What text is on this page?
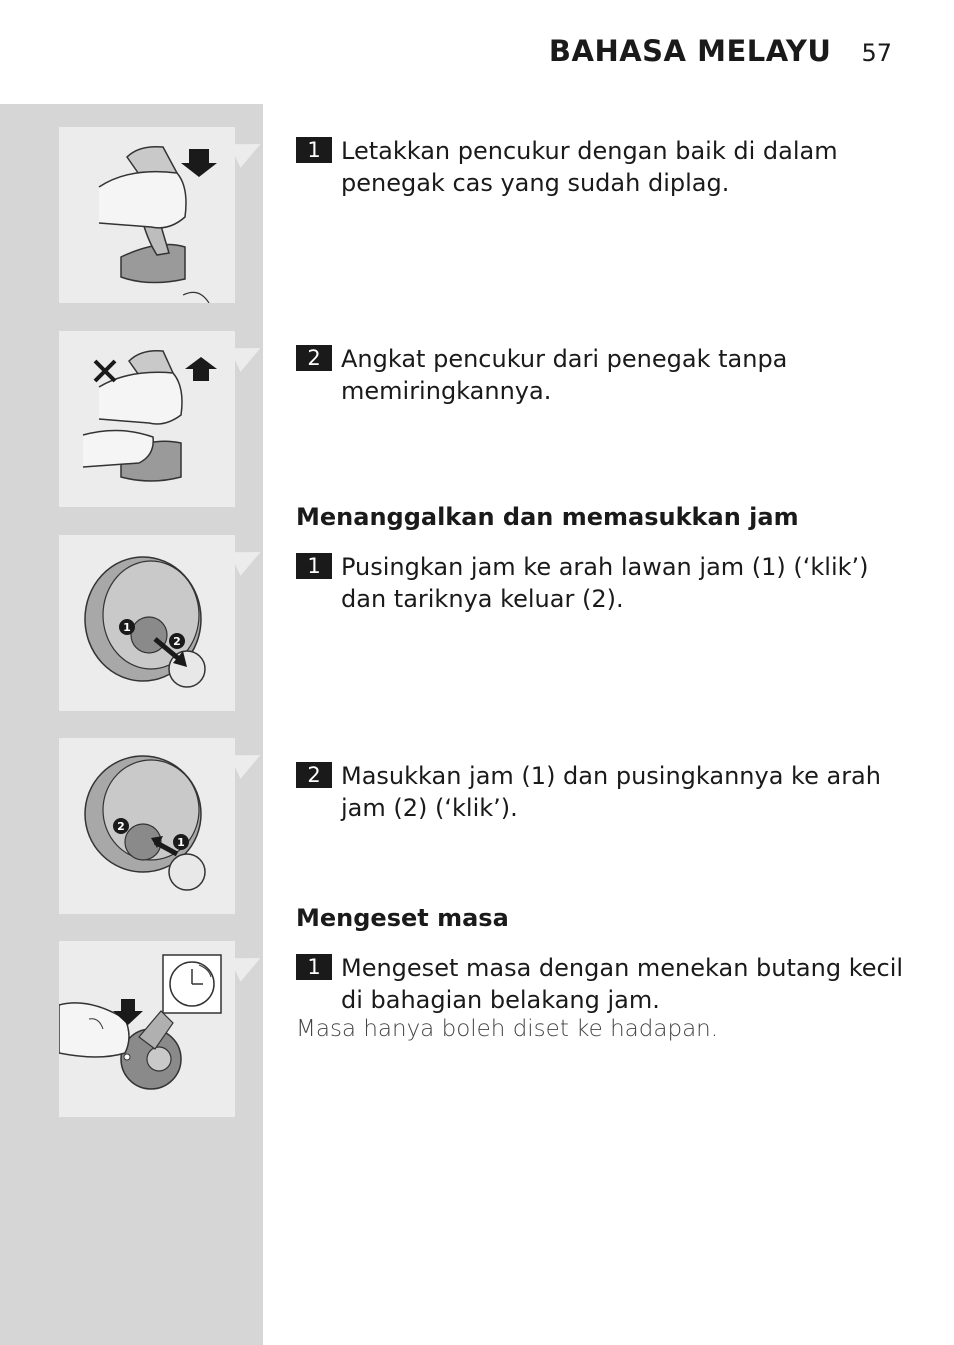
BAHASA MELAYU 57
1
2
2
1
1 Letakkan pencukur dengan baik di dalam penegak cas yang sudah diplag.
2 Angkat pencukur dari penegak tanpa memiringkannya.
Menanggalkan dan memasukkan jam
1 Pusingkan jam ke arah lawan jam (1) (‘klik’) dan tariknya keluar (2).
2 Masukkan jam (1) dan pusingkannya ke arah jam (2) (‘klik’).
Mengeset masa
1 Mengeset masa dengan menekan butang kecil di bahagian belakang jam.
Masa hanya boleh diset ke hadapan.
